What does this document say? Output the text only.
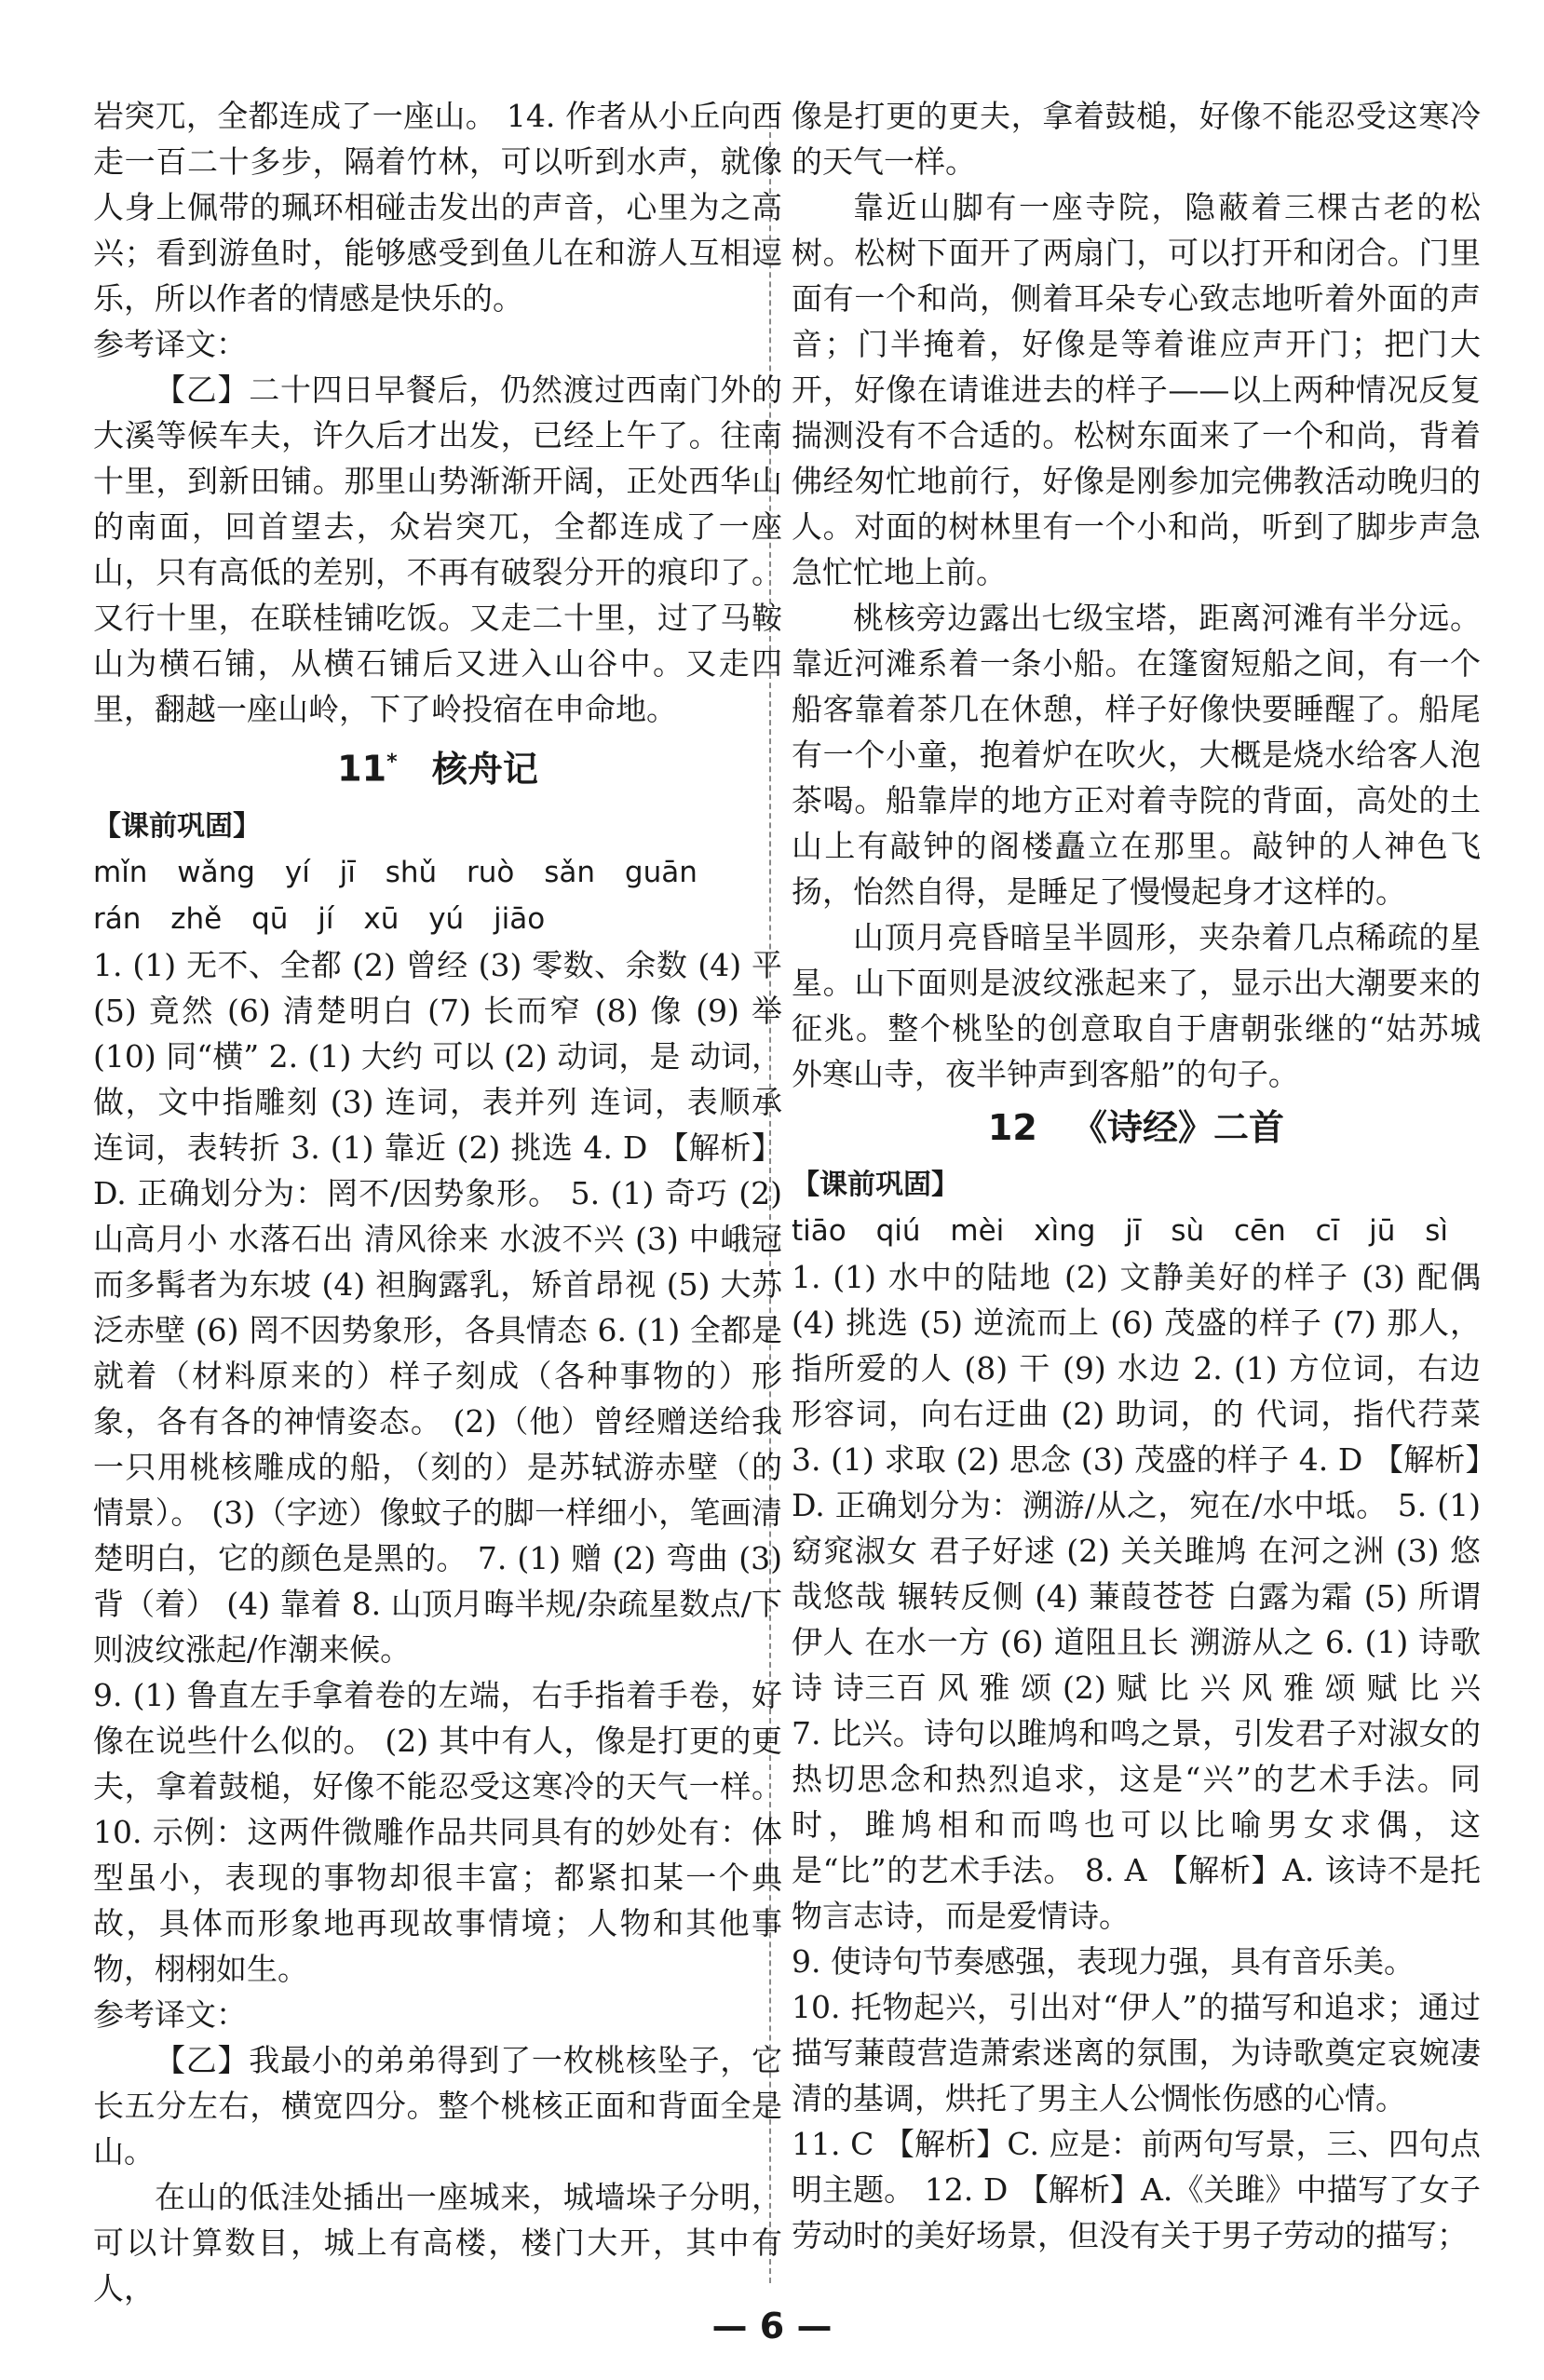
岩突兀，全都连成了一座山。 14. 作者从小丘向西走一百二十多步，隔着竹林，可以听到水声，就像人身上佩带的珮环相碰击发出的声音，心里为之高兴；看到游鱼时，能够感受到鱼儿在和游人互相逗乐，所以作者的情感是快乐的。

参考译文：

【乙】二十四日早餐后，仍然渡过西南门外的大溪等候车夫，许久后才出发，已经上午了。往南十里，到新田铺。那里山势渐渐开阔，正处西华山的南面，回首望去，众岩突兀，全都连成了一座山，只有高低的差别，不再有破裂分开的痕印了。又行十里，在联桂铺吃饭。又走二十里，过了马鞍山为横石铺，从横石铺后又进入山谷中。又走四里，翻越一座山岭，下了岭投宿在申命地。

11* 核舟记

【课前巩固】

mǐn wǎng yí jī shǔ ruò sǎn guān

rán zhě qū jí xū yú jiāo

1. (1) 无不、全都 (2) 曾经 (3) 零数、余数 (4) 平 (5) 竟然 (6) 清楚明白 (7) 长而窄 (8) 像 (9) 举 (10) 同“横” 2. (1) 大约 可以 (2) 动词，是 动词，做，文中指雕刻 (3) 连词，表并列 连词，表顺承 连词，表转折 3. (1) 靠近 (2) 挑选 4. D 【解析】D. 正确划分为：罔不/因势象形。 5. (1) 奇巧 (2) 山高月小 水落石出 清风徐来 水波不兴 (3) 中峨冠而多髯者为东坡 (4) 袒胸露乳，矫首昂视 (5) 大苏泛赤壁 (6) 罔不因势象形，各具情态 6. (1) 全都是就着（材料原来的）样子刻成（各种事物的）形象，各有各的神情姿态。 (2)（他）曾经赠送给我一只用桃核雕成的船，（刻的）是苏轼游赤壁（的情景）。 (3)（字迹）像蚊子的脚一样细小，笔画清楚明白，它的颜色是黑的。 7. (1) 赠 (2) 弯曲 (3) 背（着） (4) 靠着 8. 山顶月晦半规/杂疏星数点/下则波纹涨起/作潮来候。

9. (1) 鲁直左手拿着卷的左端，右手指着手卷，好像在说些什么似的。 (2) 其中有人，像是打更的更夫，拿着鼓槌，好像不能忍受这寒冷的天气一样。 10. 示例：这两件微雕作品共同具有的妙处有：体型虽小，表现的事物却很丰富；都紧扣某一个典故，具体而形象地再现故事情境；人物和其他事物，栩栩如生。

参考译文：

【乙】我最小的弟弟得到了一枚桃核坠子，它长五分左右，横宽四分。整个桃核正面和背面全是山。

在山的低洼处插出一座城来，城墙垛子分明，可以计算数目，城上有高楼，楼门大开，其中有人，

像是打更的更夫，拿着鼓槌，好像不能忍受这寒冷的天气一样。

靠近山脚有一座寺院，隐蔽着三棵古老的松树。松树下面开了两扇门，可以打开和闭合。门里面有一个和尚，侧着耳朵专心致志地听着外面的声音；门半掩着，好像是等着谁应声开门；把门大开，好像在请谁进去的样子——以上两种情况反复揣测没有不合适的。松树东面来了一个和尚，背着佛经匆忙地前行，好像是刚参加完佛教活动晚归的人。对面的树林里有一个小和尚，听到了脚步声急急忙忙地上前。

桃核旁边露出七级宝塔，距离河滩有半分远。靠近河滩系着一条小船。在篷窗短船之间，有一个船客靠着茶几在休憩，样子好像快要睡醒了。船尾有一个小童，抱着炉在吹火，大概是烧水给客人泡茶喝。船靠岸的地方正对着寺院的背面，高处的土山上有敲钟的阁楼矗立在那里。敲钟的人神色飞扬，怡然自得，是睡足了慢慢起身才这样的。

山顶月亮昏暗呈半圆形，夹杂着几点稀疏的星星。山下面则是波纹涨起来了，显示出大潮要来的征兆。整个桃坠的创意取自于唐朝张继的“姑苏城外寒山寺，夜半钟声到客船”的句子。

12 《诗经》二首

【课前巩固】

tiāo qiú mèi xìng jī sù cēn cī jū sì

1. (1) 水中的陆地 (2) 文静美好的样子 (3) 配偶 (4) 挑选 (5) 逆流而上 (6) 茂盛的样子 (7) 那人，指所爱的人 (8) 干 (9) 水边 2. (1) 方位词，右边 形容词，向右迂曲 (2) 助词，的 代词，指代荇菜 3. (1) 求取 (2) 思念 (3) 茂盛的样子 4. D 【解析】D. 正确划分为：溯游/从之，宛在/水中坻。 5. (1) 窈窕淑女 君子好逑 (2) 关关雎鸠 在河之洲 (3) 悠哉悠哉 辗转反侧 (4) 蒹葭苍苍 白露为霜 (5) 所谓伊人 在水一方 (6) 道阻且长 溯游从之 6. (1) 诗歌 诗 诗三百 风 雅 颂 (2) 赋 比 兴 风 雅 颂 赋 比 兴 7. 比兴。诗句以雎鸠和鸣之景，引发君子对淑女的热切思念和热烈追求，这是“兴”的艺术手法。同时，雎鸠相和而鸣也可以比喻男女求偶，这是“比”的艺术手法。 8. A 【解析】A. 该诗不是托物言志诗，而是爱情诗。

9. 使诗句节奏感强，表现力强，具有音乐美。

10. 托物起兴，引出对“伊人”的描写和追求；通过描写蒹葭营造萧索迷离的氛围，为诗歌奠定哀婉凄清的基调，烘托了男主人公惆怅伤感的心情。

11. C 【解析】C. 应是：前两句写景，三、四句点明主题。 12. D 【解析】A.《关雎》中描写了女子劳动时的美好场景，但没有关于男子劳动的描写；

— 6 —
